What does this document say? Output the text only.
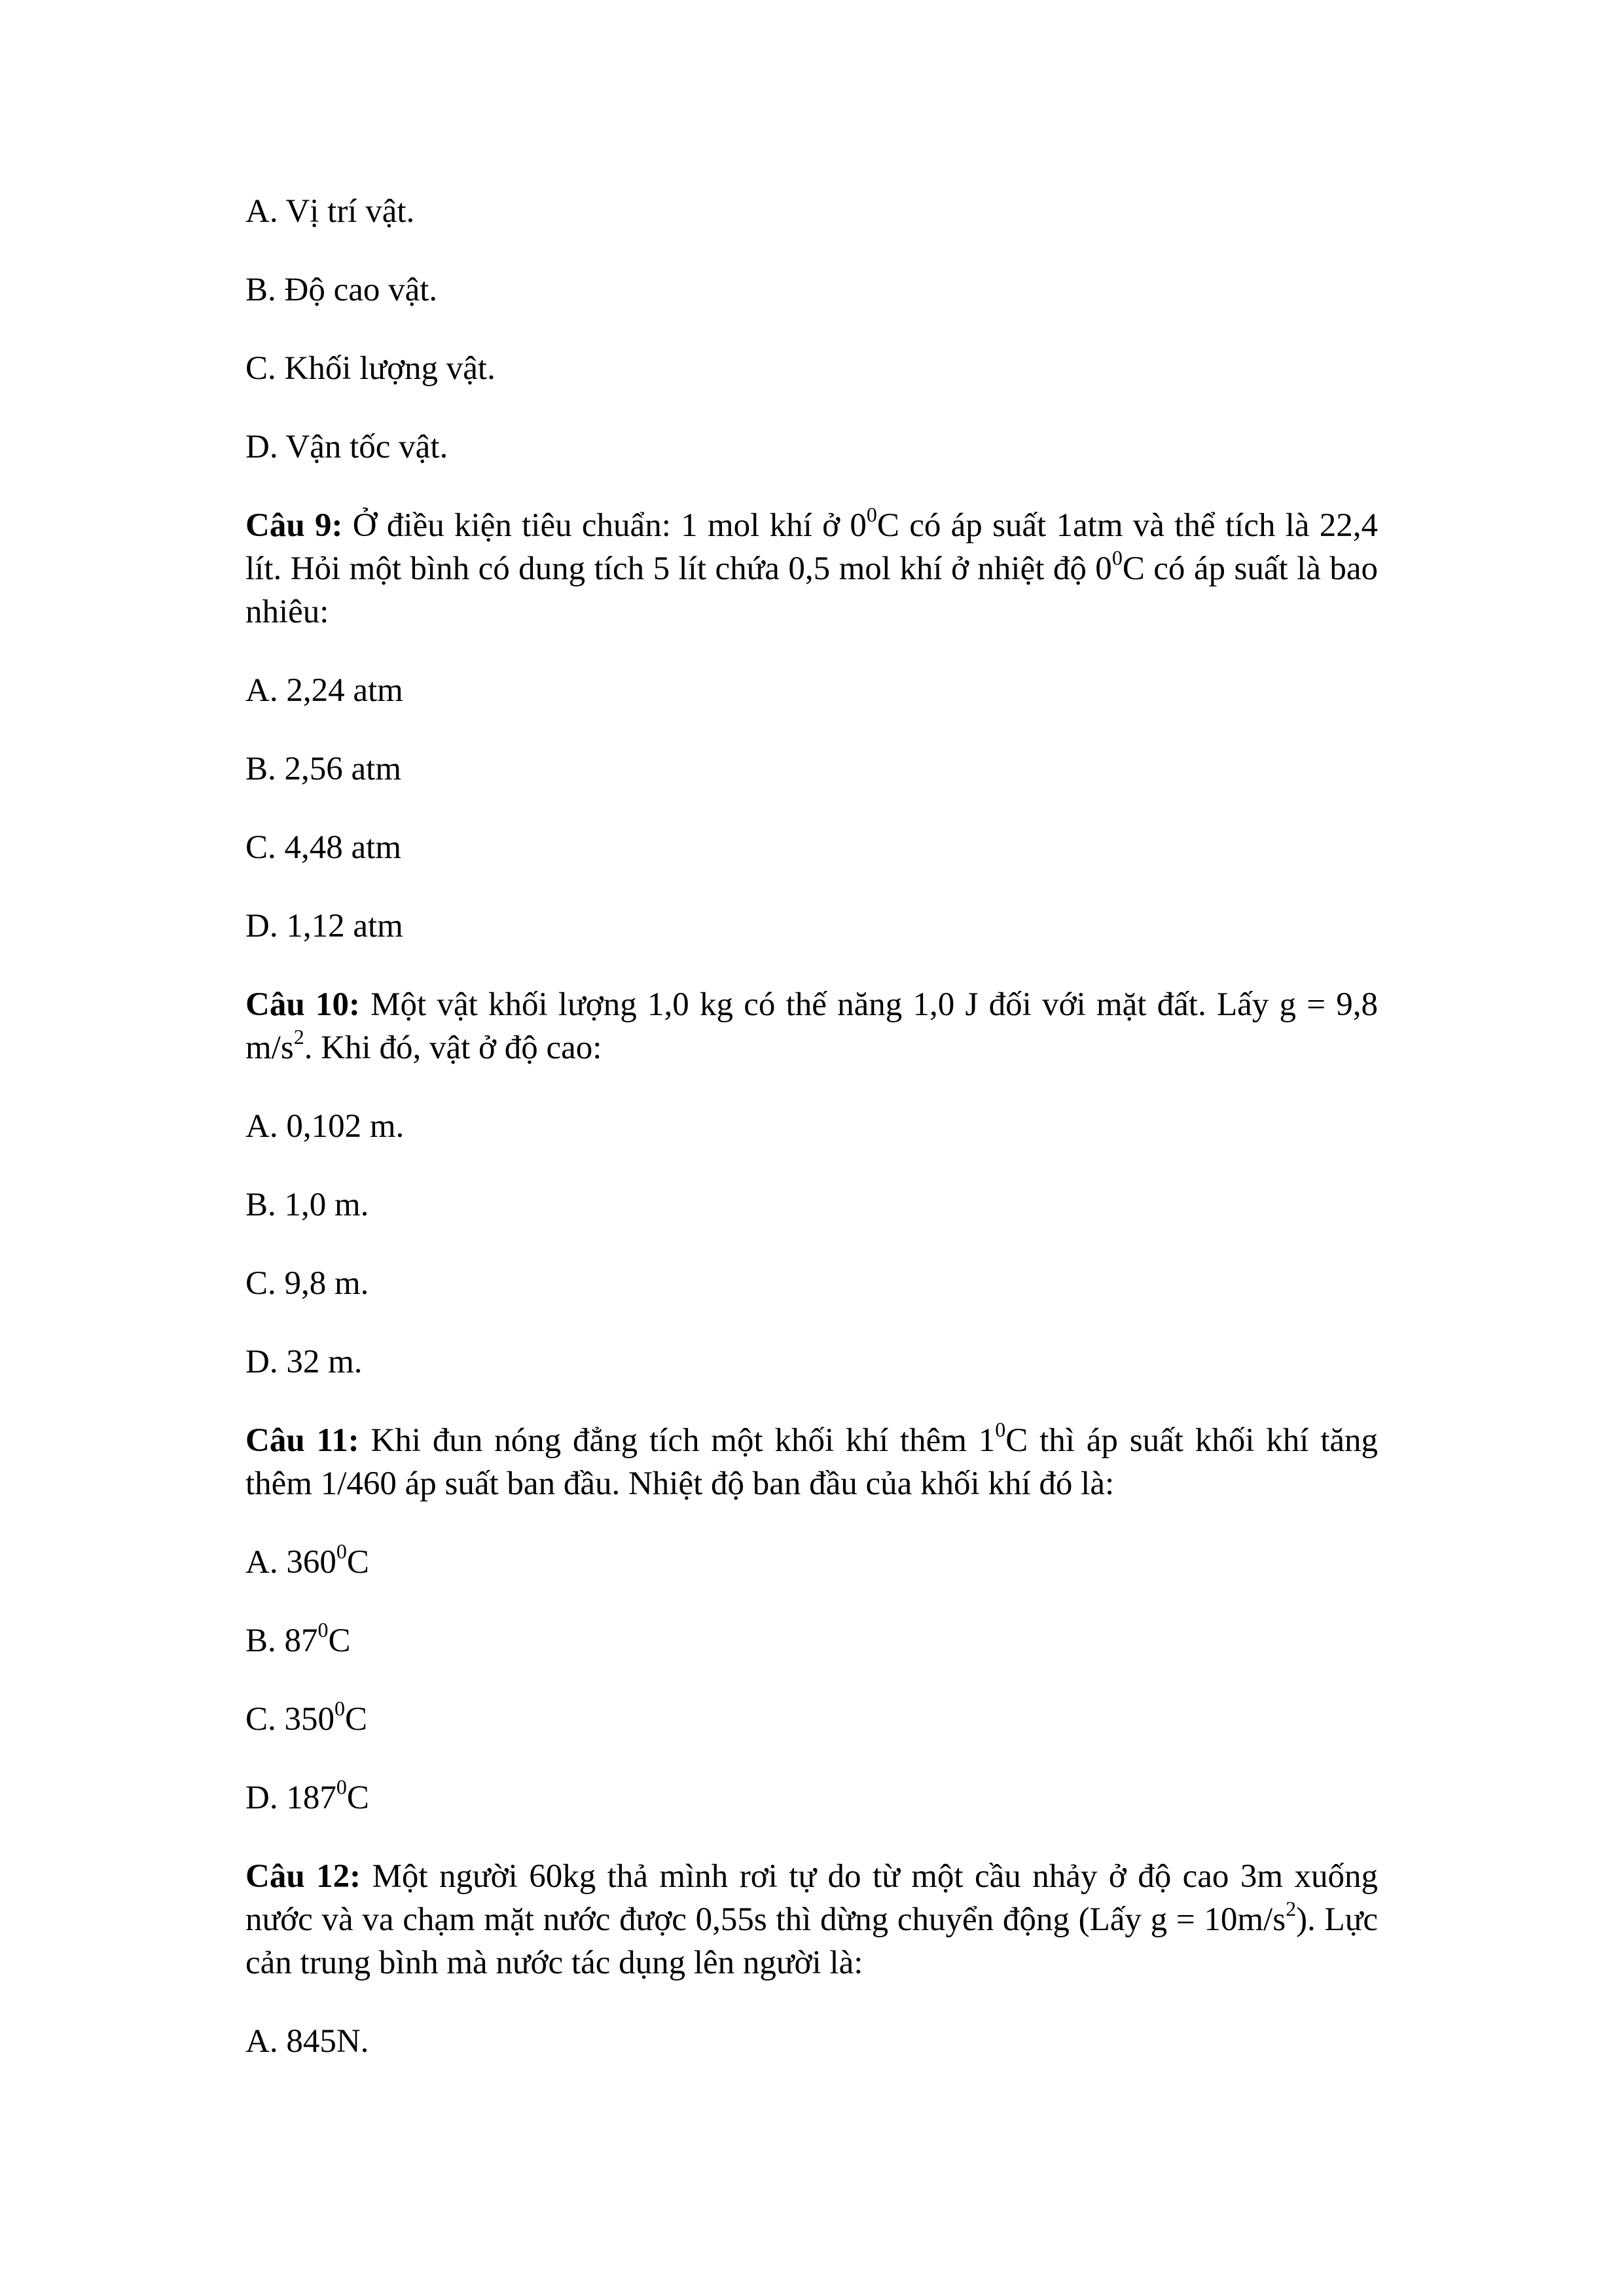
A. Vị trí vật.
B. Độ cao vật.
C. Khối lượng vật.
D. Vận tốc vật.
Câu 9: Ở điều kiện tiêu chuẩn: 1 mol khí ở $0^0C$ có áp suất 1atm và thể tích là 22,4 lít. Hỏi một bình có dung tích 5 lít chứa 0,5 mol khí ở nhiệt độ $0^0C$ có áp suất là bao nhiêu:
A. 2,24 atm
B. 2,56 atm
C. 4,48 atm
D. 1,12 atm
Câu 10: Một vật khối lượng 1,0 kg có thế năng 1,0 J đối với mặt đất. Lấy g = 9,8 $m/s^2$. Khi đó, vật ở độ cao:
A. 0,102 m.
B. 1,0 m.
C. 9,8 m.
D. 32 m.
Câu 11: Khi đun nóng đẳng tích một khối khí thêm $1^0C$ thì áp suất khối khí tăng thêm 1/460 áp suất ban đầu. Nhiệt độ ban đầu của khối khí đó là:
A. $360^0C$
B. $87^0C$
C. $350^0C$
D. $187^0C$
Câu 12: Một người 60kg thả mình rơi tự do từ một cầu nhảy ở độ cao 3m xuống nước và va chạm mặt nước được 0,55s thì dừng chuyển động (Lấy $g = 10m/s^2$). Lực cản trung bình mà nước tác dụng lên người là:
A. 845N.
